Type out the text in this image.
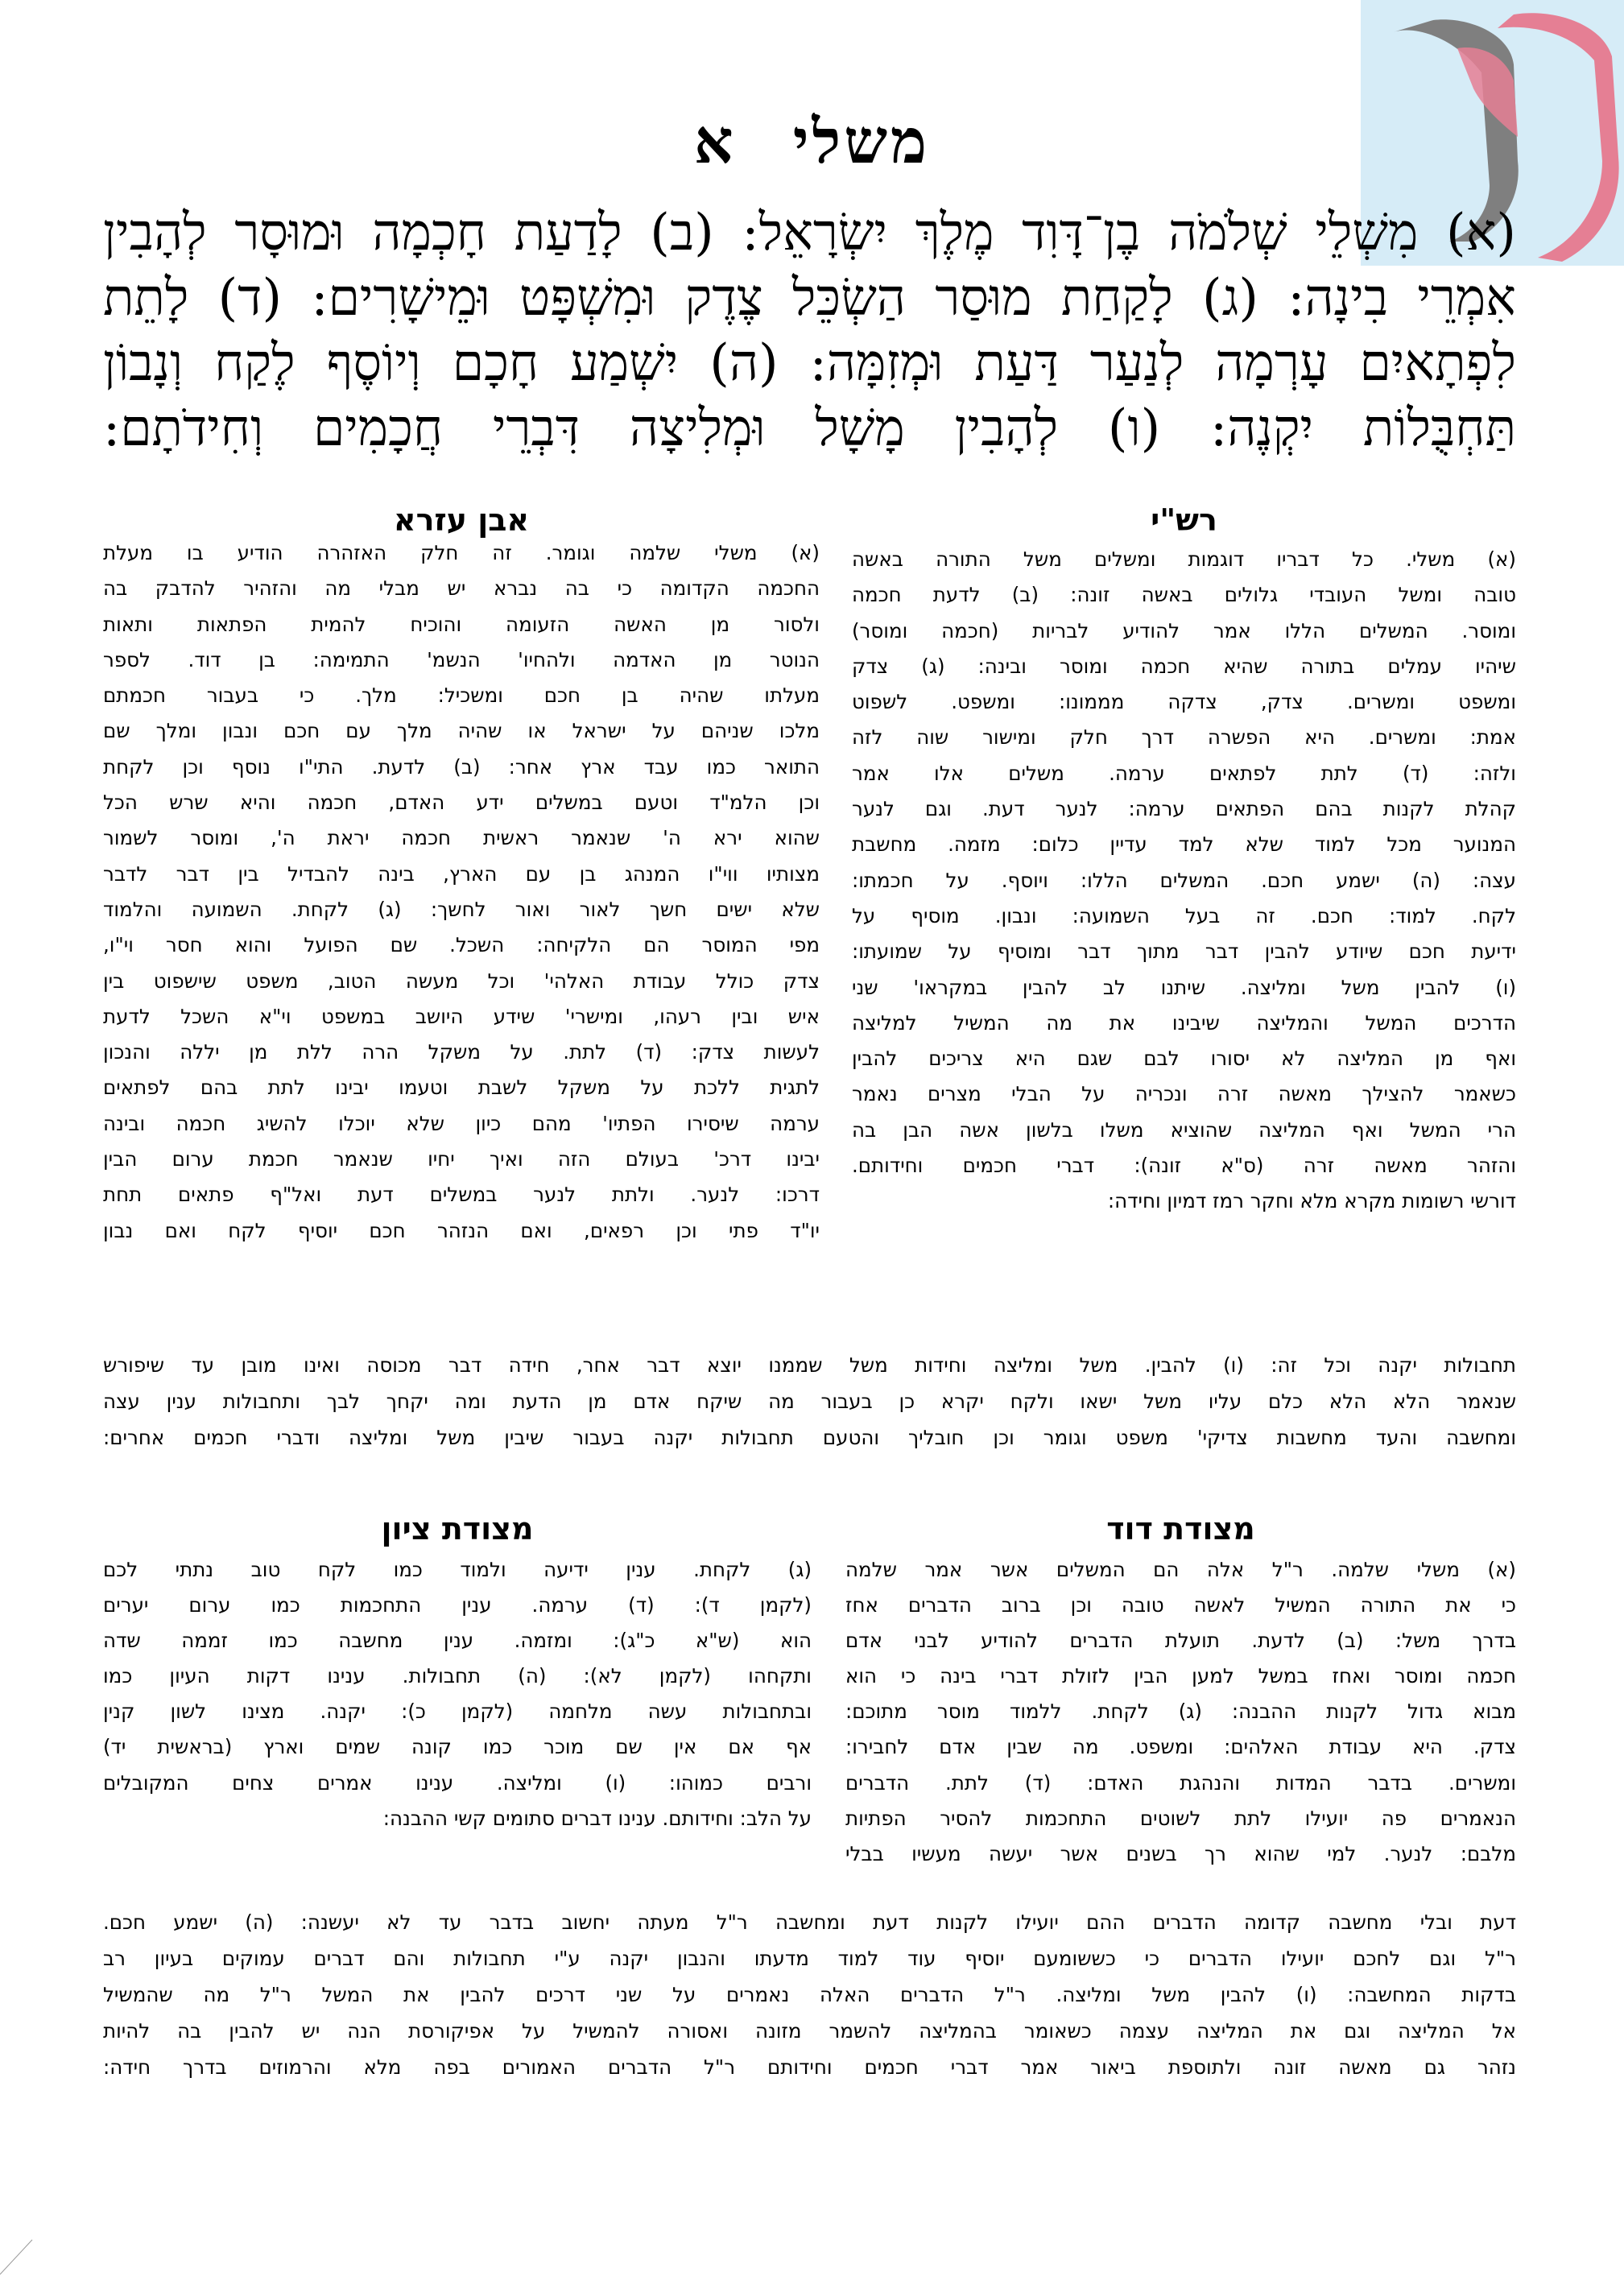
משליא
(א) מִשְׁלֵי שְׁלֹמֹה בֶן־דָּוִד מֶלֶךְ יִשְׂרָאֵל: (ב) לָדַעַת חָכְמָה וּמוּסָר לְהָבִין
אִמְרֵי בִינָה: (ג) לָקַחַת מוּסַר הַשְׂכֵּל צֶדֶק וּמִשְׁפָּט וּמֵישָׁרִים: (ד) לָתֵת
לִפְתָאיִם עָרְמָה לְנַעַר דַּעַת וּמְזִמָּה: (ה) יִשְׁמַע חָכָם וְיוֹסֶף לֶקַח וְנָבוֹן
תַּחְבֻּלוֹת יִקְנֶה: (ו) לְהָבִין מָשָׁל וּמְלִיצָה דִּבְרֵי חֲכָמִים וְחִידֹתָם:
רש"י
(א) משלי. כל דבריו דוגמות ומשלים משל התורה באשה
טובה ומשל העובדי גלולים באשה זונה: (ב) לדעת חכמה
ומוסר. המשלים הללו אמר להודיע לבריות (חכמה ומוסר)
שיהיו עמלים בתורה שהיא חכמה ומוסר ובינה: (ג) צדק
ומשפט ומשרים. צדק, צדקה מממונו: ומשפט. לשפוט
אמת: ומשרים. היא הפשרה דרך חלק ומישור שוה לזה
ולזה: (ד) לתת לפתאים ערמה. משלים אלו אמר
קהלת לקנות בהם הפתאים ערמה: לנער דעת. וגם לנער
המנוער מכל למוד שלא למד עדיין כלום: מזמה. מחשבת
עצה: (ה) ישמע חכם. המשלים הללו: ויוסף. על חכמתו:
לקח. למוד: חכם. זה בעל השמועה: ונבון. מוסיף על
ידיעת חכם שיודע להבין דבר מתוך דבר ומוסיף על שמועתו:
(ו) להבין משל ומליצה. שיתנו לב להבין במקראו' שני
הדרכים המשל והמליצה שיבינו את מה המשיל למליצה
ואף מן המליצה לא יסורו לבם שגם היא צריכים להבין
כשאמר להצילך מאשה זרה ונכריה על הבלי מצרים נאמר
הרי המשל ואף המליצה שהוציא משלו בלשון אשה הבן בה
והזהר מאשה זרה (ס"א זונה): דברי חכמים וחידותם.
דורשי רשומות מקרא מלא וחקר רמז דמיון וחידה:
אבן עזרא
(א) משלי שלמה וגומר. זה חלק האזהרה הודיע בו מעלת
החכמה הקדומה כי בה נברא יש מבלי מה והזהיר להדבק בה
ולסור מן האשה הזעומה והוכיח להמית הפתאות ותאות
הנוטר מן האדמה ולהחיו' הנשמ' התמימה: בן דוד. לספר
מעלתו שהיה בן חכם ומשכיל: מלך. כי בעבור חכמתם
מלכו שניהם על ישראל או שהיה מלך עם חכם ונבון ומלך שם
התואר כמו עבד ארץ אחר: (ב) לדעת. התי"ו נוסף וכן לקחת
וכן הלמ"ד וטעם במשלים ידע האדם, חכמה והיא שרש הכל
שהוא ירא ה' שנאמר ראשית חכמה יראת ה', ומוסר לשמור
מצותיו ווי"ו המנהג בן עם הארץ, בינה להבדיל בין דבר לדבר
שלא ישים חשך לאור ואור לחשך: (ג) לקחת. השמועה והלמוד
מפי המוסר הם הלקיחה: השכל. שם הפועל והוא חסר וי"ו,
צדק כולל עבודת האלהי' וכל מעשה הטוב, משפט שישפוט בין
איש ובין רעהו, ומישרי' שידע היושב במשפט וי"א השכל לדעת
לעשות צדק: (ד) לתת. על משקל הרה ללת מן יללה והנכון
לתגית ללכת על משקל לשבת וטעמו יבינו לתת בהם לפתאים
ערמה שיסירו הפתיו' מהם כיון שלא יוכלו להשיג חכמה ובינה
יבינו דרכ' בעולם הזה ואיך יחיו שנאמר חכמת ערום הבין
דרכו: לנער. ולתת לנער במשלים דעת ואל"ף פתאים תחת
יו"ד פתי וכן רפאים, ואם הנזהר חכם יוסיף לקח ואם נבון
תחבולות יקנה וכל זה: (ו) להבין. משל ומליצה וחידות משל שממנו יוצא דבר אחר, חידה דבר מכוסה ואינו מובן עד שיפורש
שנאמר הלא הלא כלם עליו משל ישאו ולקח יקרא כן בעבור מה שיקח אדם מן הדעת ומה יקחך לבך ותחבולות ענין עצה
ומחשבה והעד מחשבות צדיקי' משפט וגומר וכן חובליך והטעם תחבולות יקנה בעבור שיבין משל ומליצה ודברי חכמים אחרים:
מצודת דוד
(א) משלי שלמה. ר"ל אלה הם המשלים אשר אמר שלמה
כי את התורה המשיל לאשה טובה וכן ברוב הדברים אחז
בדרך משל: (ב) לדעת. תועלת הדברים להודיע לבני אדם
חכמה ומוסר ואחז במשל למען הבין לזולת דברי בינה כי הוא
מבוא גדול לקנות ההבנה: (ג) לקחת. ללמוד מוסר מתוכם:
צדק. היא עבודת האלהים: ומשפט. מה שבין אדם לחבירו:
ומשרים. בדבר המדות והנהגת האדם: (ד) לתת. הדברים
הנאמרים פה יועילו לתת לשוטים התחכמות להסיר הפתיות
מלבם: לנער. למי שהוא רך בשנים אשר יעשה מעשיו בבלי
מצודת ציון
(ג) לקחת. ענין ידיעה ולמוד כמו לקח טוב נתתי לכם
(לקמן ד): (ד) ערמה. ענין התחכמות כמו ערום יערים
הוא (ש"א כ"ג): ומזמה. ענין מחשבה כמו זממה שדה
ותקחהו (לקמן לא): (ה) תחבולות. ענינו דקות העיון כמו
ובתחבולות עשה מלחמה (לקמן כ): יקנה. מצינו לשון קנין
אף אם אין שם מוכר כמו קונה שמים וארץ (בראשית יד)
ורבים כמוהו: (ו) ומליצה. ענינו אמרים צחים המקובלים
על הלב: וחידותם. ענינו דברים סתומים קשי ההבנה:
דעת ובלי מחשבה קדומה הדברים ההם יועילו לקנות דעת ומחשבה ר"ל מעתה יחשוב בדבר עד לא יעשנה: (ה) ישמע חכם.
ר"ל וגם לחכם יועילו הדברים כי כששומעם יוסיף עוד למוד מדעתו והנבון יקנה ע"י תחבולות והם דברים עמוקים בעיון רב
בדקות המחשבה: (ו) להבין משל ומליצה. ר"ל הדברים האלה נאמרים על שני דרכים להבין את המשל ר"ל מה שהמשיל
אל המליצה וגם את המליצה עצמה כשאומר בהמליצה להשמר מזונה ואסורה להמשיל על אפיקורסת הנה יש להבין בה להיות
נזהר גם מאשה זונה ולתוספת ביאור אמר דברי חכמים וחידותם ר"ל הדברים האמורים בפה מלא והרמוזים בדרך חידה:
